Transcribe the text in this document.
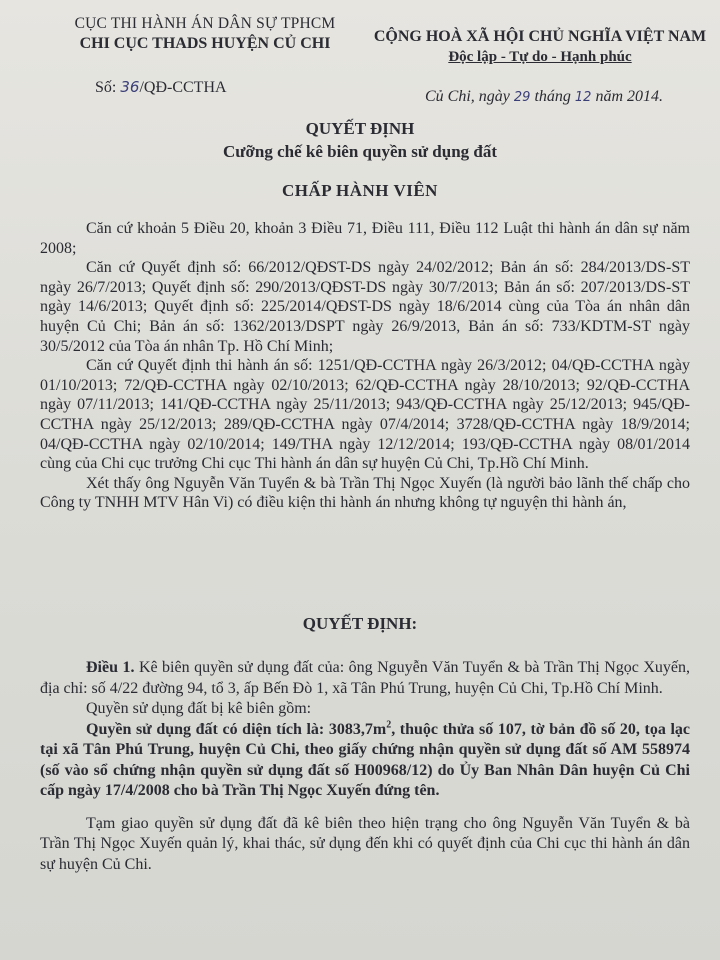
CỤC THI HÀNH ÁN DÂN SỰ TPHCM
CHI CỤC THADS HUYỆN CỦ CHI	CỘNG HOÀ XÃ HỘI CHỦ NGHĨA VIỆT NAM
Độc lập - Tự do - Hạnh phúc
Số: 36/QĐ-CCTHA
Củ Chi, ngày 29 tháng 12 năm 2014.
QUYẾT ĐỊNH
Cưỡng chế kê biên quyền sử dụng đất
CHẤP HÀNH VIÊN

Căn cứ khoản 5 Điều 20, khoản 3 Điều 71, Điều 111, Điều 112 Luật thi hành án dân sự năm 2008;

Căn cứ Quyết định số: 66/2012/QĐST-DS ngày 24/02/2012; Bản án số: 284/2013/DS-ST ngày 26/7/2013; Quyết định số: 290/2013/QĐST-DS ngày 30/7/2013; Bản án số: 207/2013/DS-ST ngày 14/6/2013; Quyết định số: 225/2014/QĐST-DS ngày 18/6/2014 cùng của Tòa án nhân dân huyện Củ Chi; Bản án số: 1362/2013/DSPT ngày 26/9/2013, Bản án số: 733/KDTM-ST ngày 30/5/2012 của Tòa án nhân Tp. Hồ Chí Minh;

Căn cứ Quyết định thi hành án số: 1251/QĐ-CCTHA ngày 26/3/2012; 04/QĐ-CCTHA ngày 01/10/2013; 72/QĐ-CCTHA ngày 02/10/2013; 62/QĐ-CCTHA ngày 28/10/2013; 92/QĐ-CCTHA ngày 07/11/2013; 141/QĐ-CCTHA ngày 25/11/2013; 943/QĐ-CCTHA ngày 25/12/2013; 945/QĐ-CCTHA ngày 25/12/2013; 289/QĐ-CCTHA ngày 07/4/2014; 3728/QĐ-CCTHA ngày 18/9/2014; 04/QĐ-CCTHA ngày 02/10/2014; 149/THA ngày 12/12/2014; 193/QĐ-CCTHA ngày 08/01/2014 cùng của Chi cục trưởng Chi cục Thi hành án dân sự huyện Củ Chi, Tp.Hồ Chí Minh.

Xét thấy ông Nguyễn Văn Tuyển & bà Trần Thị Ngọc Xuyến (là người bảo lãnh thế chấp cho Công ty TNHH MTV Hân Vi) có điều kiện thi hành án nhưng không tự nguyện thi hành án,

QUYẾT ĐỊNH:

Điều 1. Kê biên quyền sử dụng đất của: ông Nguyễn Văn Tuyển & bà Trần Thị Ngọc Xuyến, địa chỉ: số 4/22 đường 94, tổ 3, ấp Bến Đò 1, xã Tân Phú Trung, huyện Củ Chi, Tp.Hồ Chí Minh.

Quyền sử dụng đất bị kê biên gồm:

Quyền sử dụng đất có diện tích là: $3083,7m^2$, thuộc thửa số 107, tờ bản đồ số 20, tọa lạc tại xã Tân Phú Trung, huyện Củ Chi, theo giấy chứng nhận quyền sử dụng đất số AM 558974 (số vào sổ chứng nhận quyền sử dụng đất số H00968/12) do Ủy Ban Nhân Dân huyện Củ Chi cấp ngày 17/4/2008 cho bà Trần Thị Ngọc Xuyến đứng tên.

Tạm giao quyền sử dụng đất đã kê biên theo hiện trạng cho ông Nguyễn Văn Tuyển & bà Trần Thị Ngọc Xuyến quản lý, khai thác, sử dụng đến khi có quyết định của Chi cục thi hành án dân sự huyện Củ Chi.
